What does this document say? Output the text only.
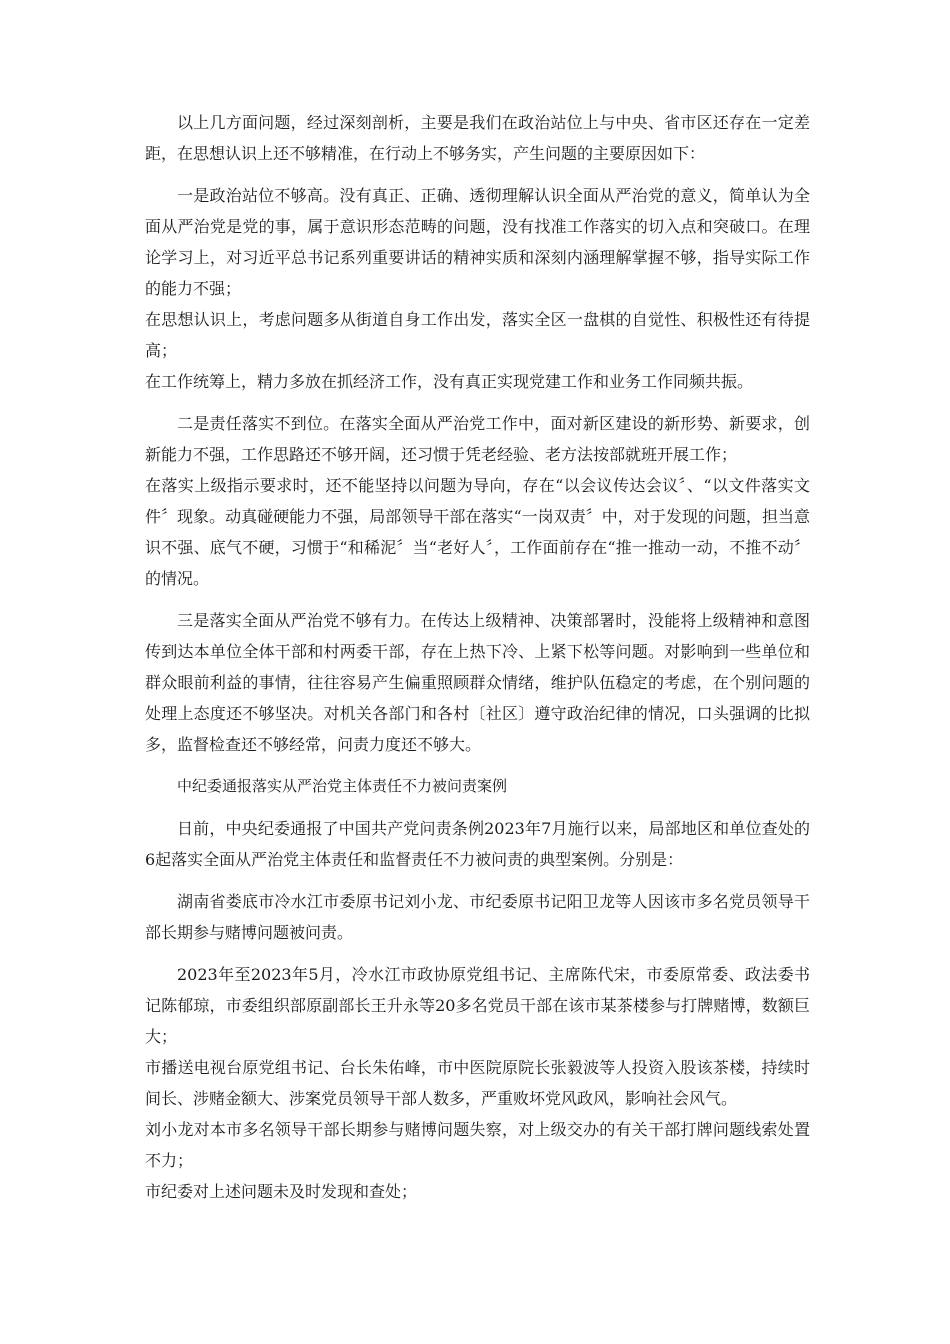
以上几方面问题，经过深刻剖析，主要是我们在政治站位上与中央、省市区还存在一定差距，在思想认识上还不够精准，在行动上不够务实，产生问题的主要原因如下：

一是政治站位不够高。没有真正、正确、透彻理解认识全面从严治党的意义，简单认为全面从严治党是党的事，属于意识形态范畴的问题，没有找准工作落实的切入点和突破口。在理论学习上，对习近平总书记系列重要讲话的精神实质和深刻内涵理解掌握不够，指导实际工作的能力不强；

在思想认识上，考虑问题多从街道自身工作出发，落实全区一盘棋的自觉性、积极性还有待提高；

在工作统筹上，精力多放在抓经济工作，没有真正实现党建工作和业务工作同频共振。

二是责任落实不到位。在落实全面从严治党工作中，面对新区建设的新形势、新要求，创新能力不强，工作思路还不够开阔，还习惯于凭老经验、老方法按部就班开展工作；

在落实上级指示要求时，还不能坚持以问题为导向，存在“以会议传达会议〞、“以文件落实文件〞现象。动真碰硬能力不强，局部领导干部在落实“一岗双责〞中，对于发现的问题，担当意识不强、底气不硬，习惯于“和稀泥〞当“老好人〞，工作面前存在“推一推动一动，不推不动〞的情况。

三是落实全面从严治党不够有力。在传达上级精神、决策部署时，没能将上级精神和意图传到达本单位全体干部和村两委干部，存在上热下冷、上紧下松等问题。对影响到一些单位和群众眼前利益的事情，往往容易产生偏重照顾群众情绪，维护队伍稳定的考虑，在个别问题的处理上态度还不够坚决。对机关各部门和各村〔社区〕遵守政治纪律的情况，口头强调的比拟多，监督检查还不够经常，问责力度还不够大。

中纪委通报落实从严治党主体责任不力被问责案例

日前，中央纪委通报了中国共产党问责条例2023年7月施行以来，局部地区和单位查处的6起落实全面从严治党主体责任和监督责任不力被问责的典型案例。分别是：

湖南省娄底市冷水江市委原书记刘小龙、市纪委原书记阳卫龙等人因该市多名党员领导干部长期参与赌博问题被问责。

2023年至2023年5月，冷水江市政协原党组书记、主席陈代宋，市委原常委、政法委书记陈郁琼，市委组织部原副部长王升永等20多名党员干部在该市某茶楼参与打牌赌博，数额巨大；

市播送电视台原党组书记、台长朱佑峰，市中医院原院长张毅波等人投资入股该茶楼，持续时间长、涉赌金额大、涉案党员领导干部人数多，严重败坏党风政风，影响社会风气。

刘小龙对本市多名领导干部长期参与赌博问题失察，对上级交办的有关干部打牌问题线索处置不力；

市纪委对上述问题未及时发现和查处；
